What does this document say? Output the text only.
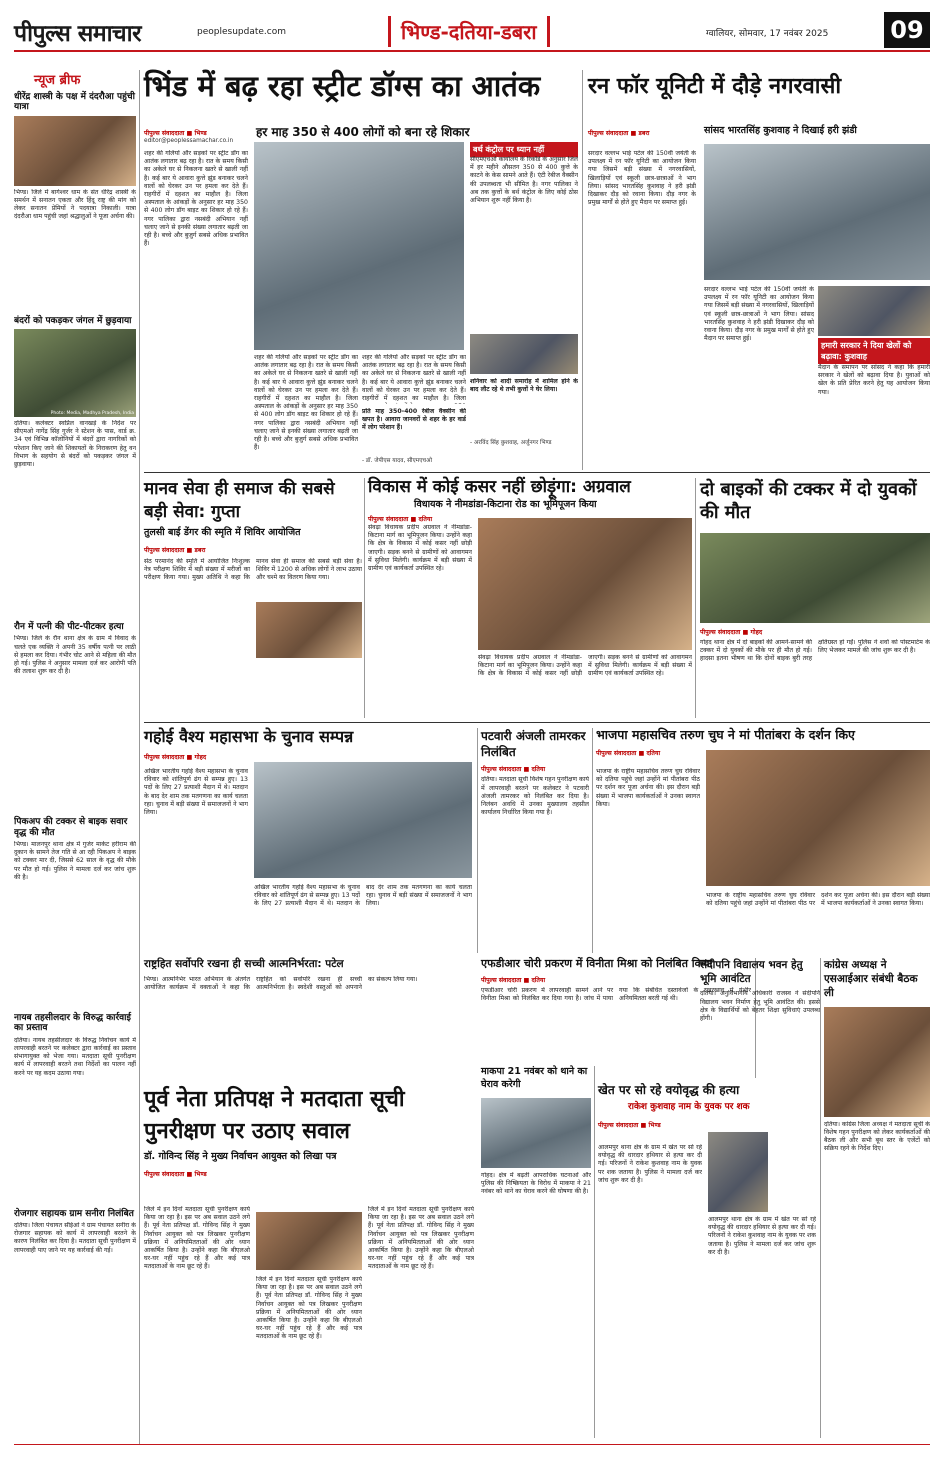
पीपुल्स समाचार	peoplesupdate.com	भिण्ड-दतिया-डबरा	ग्वालियर, सोमवार, 17 नवंबर 2025	09
न्यूज ब्रीफ
धीरेंद्र शास्त्री के पक्ष में दंदरौआ पहुंची यात्रा
भिण्ड। जिले में बागेश्वर धाम के संत धीरेंद्र शास्त्री के समर्थन में सनातन एकता और हिंदू राष्ट्र की मांग को लेकर सनातन प्रेमियों ने पदयात्रा निकाली। यात्रा दंदरौआ धाम पहुंची जहां श्रद्धालुओं ने पूजा अर्चना की।
बंदरों को पकड़कर जंगल में छुड़वाया
Photo: Media, Madhya Pradesh, India
दतिया। कलेक्टर स्वप्निल वानखड़े के निर्देश पर सीएमओ नागेंद्र सिंह गुर्जर ने स्टेशन के पास, वार्ड क्र. 34 एवं विभिन्न कॉलोनियों में बंदरों द्वारा नागरिकों को परेशान किए जाने की शिकायतों के निराकरण हेतु वन विभाग के सहयोग से बंदरों को पकड़कर जंगल में छुड़वाया।
रौन में पत्नी की पीट-पीटकर हत्या
भिण्ड। जिले के रौन थाना क्षेत्र के ग्राम में विवाद के चलते एक व्यक्ति ने अपनी 35 वर्षीय पत्नी पर लाठी से हमला कर दिया। गंभीर चोट आने से महिला की मौत हो गई। पुलिस ने अनुसार मामला दर्ज कर आरोपी पति की तलाश शुरू कर दी है।
पिकअप की टक्कर से बाइक सवार वृद्ध की मौत
भिण्ड। मालनपुर थाना क्षेत्र में गुर्जर मार्केट हरीराम की दुकान के सामने तेज गति से आ रही पिकअप ने बाइक को टक्कर मार दी, जिससे 62 साल के वृद्ध की मौके पर मौत हो गई। पुलिस ने मामला दर्ज कर जांच शुरू की है।
नायब तहसीलदार के विरुद्ध कार्रवाई का प्रस्ताव
दतिया। नायब तहसीलदार के विरुद्ध निर्वाचन कार्य में लापरवाही बरतने पर कलेक्टर द्वारा कार्रवाई का प्रस्ताव संभागायुक्त को भेजा गया। मतदाता सूची पुनरीक्षण कार्य में लापरवाही बरतने तथा निर्देशों का पालन नहीं करने पर यह कदम उठाया गया।
रोजगार सहायक ग्राम सनीरा निलंबित
दतिया। जिला पंचायत सीईओ ने ग्राम पंचायत सनीरा के रोजगार सहायक को कार्य में लापरवाही बरतने के कारण निलंबित कर दिया है। मतदाता सूची पुनरीक्षण में लापरवाही पाए जाने पर यह कार्रवाई की गई।
भिंड में बढ़ रहा स्ट्रीट डॉग्स का आतंक
पीपुल्स संवाददाता ■ भिण्ड
editor@peoplessamachar.co.in
हर माह 350 से 400 लोगों को बना रहे शिकार
शहर की गलियों और सड़कों पर स्ट्रीट डॉग का आतंक लगातार बढ़ रहा है। रात के समय किसी का अकेले घर से निकलना खतरे से खाली नहीं है। कई बार ये आवारा कुत्ते झुंड बनाकर चलने वालों को घेरकर उन पर हमला कर देते हैं। राहगीरों में दहशत का माहौल है। जिला अस्पताल के आंकड़ों के अनुसार हर माह 350 से 400 लोग डॉग बाइट का शिकार हो रहे हैं। नगर पालिका द्वारा नसबंदी अभियान नहीं चलाए जाने से इनकी संख्या लगातार बढ़ती जा रही है। बच्चे और बुजुर्ग सबसे अधिक प्रभावित हैं।
बर्थ कंट्रोल पर ध्यान नहीं
सीएमएचओ कार्यालय के रिकॉर्ड के अनुसार जिले में हर महीने औसतन 350 से 400 कुत्ते के काटने के केस सामने आते हैं। एंटी रेबीज वैक्सीन की उपलब्धता भी सीमित है। नगर पालिका ने अब तक कुत्तों के बर्थ कंट्रोल के लिए कोई ठोस अभियान शुरू नहीं किया है।
शहर की गलियों और सड़कों पर स्ट्रीट डॉग का आतंक लगातार बढ़ रहा है। रात के समय किसी का अकेले घर से निकलना खतरे से खाली नहीं है। कई बार ये आवारा कुत्ते झुंड बनाकर चलने वालों को घेरकर उन पर हमला कर देते हैं। राहगीरों में दहशत का माहौल है। जिला अस्पताल के आंकड़ों के अनुसार हर माह 350 से 400 लोग डॉग बाइट का शिकार हो रहे हैं। नगर पालिका द्वारा नसबंदी अभियान नहीं चलाए जाने से इनकी संख्या लगातार बढ़ती जा रही है। बच्चे और बुजुर्ग सबसे अधिक प्रभावित हैं।
शहर की गलियों और सड़कों पर स्ट्रीट डॉग का आतंक लगातार बढ़ रहा है। रात के समय किसी का अकेले घर से निकलना खतरे से खाली नहीं है। कई बार ये आवारा कुत्ते झुंड बनाकर चलने वालों को घेरकर उन पर हमला कर देते हैं। राहगीरों में दहशत का माहौल है। जिला
प्रति माह 350-400 रेबीज वैक्सीन की खपत है। आवारा जानवरों से शहर के हर वार्ड में लोग परेशान हैं।
शनिवार को शादी समारोह में शामिल होने के बाद लौट रहे थे तभी कुत्तों ने घेर लिया।
- अरविंद सिंह कुशवाह, अर्जुनगर भिण्ड
- डॉ. जेपीएस यादव, सीएमएचओ
रन फॉर यूनिटी में दौड़े नगरवासी
पीपुल्स संवाददाता ■ डबरा	सांसद भारतसिंह कुशवाह ने दिखाई हरी झंडी
सरदार वल्लभ भाई पटेल की 150वीं जयंती के उपलक्ष्य में रन फॉर यूनिटी का आयोजन किया गया जिसमें बड़ी संख्या में नगरवासियों, खिलाड़ियों एवं स्कूली छात्र-छात्राओं ने भाग लिया। सांसद भारतसिंह कुशवाह ने हरी झंडी दिखाकर दौड़ को रवाना किया। दौड़ नगर के प्रमुख मार्गों से होते हुए मैदान पर समाप्त हुई।
सरदार वल्लभ भाई पटेल की 150वीं जयंती के उपलक्ष्य में रन फॉर यूनिटी का आयोजन किया गया जिसमें बड़ी संख्या में नगरवासियों, खिलाड़ियों एवं स्कूली छात्र-छात्राओं ने भाग लिया। सांसद भारतसिंह कुशवाह ने हरी झंडी दिखाकर दौड़ को रवाना किया। दौड़ नगर के प्रमुख मार्गों से होते हुए मैदान पर समाप्त हुई।
हमारी सरकार ने दिया खेलों को बढ़ावा: कुशवाह
मैदान के समापन पर सांसद ने कहा कि हमारी सरकार ने खेलों को बढ़ावा दिया है। युवाओं को खेल के प्रति प्रेरित करने हेतु यह आयोजन किया गया।
मानव सेवा ही समाज की सबसे बड़ी सेवा: गुप्ता
तुलसी बाई डेंगर की स्मृति में शिविर आयोजित
पीपुल्स संवाददाता ■ डबरा
सेठ परमानंद की स्मृति में आयोजित निःशुल्क नेत्र परीक्षण शिविर में बड़ी संख्या में मरीजों का परीक्षण किया गया। मुख्य अतिथि ने कहा कि मानव सेवा ही समाज की सबसे बड़ी सेवा है। शिविर में 1200 से अधिक लोगों ने लाभ उठाया और चश्मे का वितरण किया गया।
विकास में कोई कसर नहीं छोड़ूंगा: अग्रवाल
विधायक ने नीमडांडा-किटाना रोड का भूमिपूजन किया
पीपुल्स संवाददाता ■ दतिया
सेवढ़ा विधायक प्रदीप अग्रवाल ने नीमडांडा-किटाना मार्ग का भूमिपूजन किया। उन्होंने कहा कि क्षेत्र के विकास में कोई कसर नहीं छोड़ी जाएगी। सड़क बनने से ग्रामीणों को आवागमन में सुविधा मिलेगी। कार्यक्रम में बड़ी संख्या में ग्रामीण एवं कार्यकर्ता उपस्थित रहे।
सेवढ़ा विधायक प्रदीप अग्रवाल ने नीमडांडा-किटाना मार्ग का भूमिपूजन किया। उन्होंने कहा कि क्षेत्र के विकास में कोई कसर नहीं छोड़ी जाएगी। सड़क बनने से ग्रामीणों को आवागमन में सुविधा मिलेगी। कार्यक्रम में बड़ी संख्या में ग्रामीण एवं कार्यकर्ता उपस्थित रहे।
दो बाइकों की टक्कर में दो युवकों की मौत
पीपुल्स संवाददाता ■ गोहद
गोहद थाना क्षेत्र में दो बाइकों की आमने-सामने की टक्कर में दो युवकों की मौके पर ही मौत हो गई। हादसा इतना भीषण था कि दोनों बाइक बुरी तरह क्षतिग्रस्त हो गईं। पुलिस ने शवों को पोस्टमार्टम के लिए भेजकर मामले की जांच शुरू कर दी है।
गहोई वैश्य महासभा के चुनाव सम्पन्न
पीपुल्स संवाददाता ■ गोहद
अखिल भारतीय गहोई वैश्य महासभा के चुनाव रविवार को शांतिपूर्ण ढंग से सम्पन्न हुए। 13 पदों के लिए 27 प्रत्याशी मैदान में थे। मतदान के बाद देर शाम तक मतगणना का कार्य चलता रहा। चुनाव में बड़ी संख्या में समाजजनों ने भाग लिया।
अखिल भारतीय गहोई वैश्य महासभा के चुनाव रविवार को शांतिपूर्ण ढंग से सम्पन्न हुए। 13 पदों के लिए 27 प्रत्याशी मैदान में थे। मतदान के बाद देर शाम तक मतगणना का कार्य चलता रहा। चुनाव में बड़ी संख्या में समाजजनों ने भाग लिया।
पटवारी अंजली तामरकर निलंबित
पीपुल्स संवाददाता ■ दतिया
दतिया। मतदाता सूची विशेष गहन पुनरीक्षण कार्य में लापरवाही बरतने पर कलेक्टर ने पटवारी अंजली तामरकर को निलंबित कर दिया है। निलंबन अवधि में उनका मुख्यालय तहसील कार्यालय निर्धारित किया गया है।
भाजपा महासचिव तरुण चुघ ने मां पीतांबरा के दर्शन किए
पीपुल्स संवाददाता ■ दतिया
भाजपा के राष्ट्रीय महासचिव तरुण चुघ रविवार को दतिया पहुंचे जहां उन्होंने मां पीतांबरा पीठ पर दर्शन कर पूजा अर्चना की। इस दौरान बड़ी संख्या में भाजपा कार्यकर्ताओं ने उनका स्वागत किया।
भाजपा के राष्ट्रीय महासचिव तरुण चुघ रविवार को दतिया पहुंचे जहां उन्होंने मां पीतांबरा पीठ पर दर्शन कर पूजा अर्चना की। इस दौरान बड़ी संख्या में भाजपा कार्यकर्ताओं ने उनका स्वागत किया।
राष्ट्रहित सर्वोपरि रखना ही सच्ची आत्मनिर्भरता: पटेल
भिण्ड। आत्मनिर्भर भारत अभियान के अंतर्गत आयोजित कार्यक्रम में वक्ताओं ने कहा कि राष्ट्रहित को सर्वोपरि रखना ही सच्ची आत्मनिर्भरता है। स्वदेशी वस्तुओं को अपनाने का संकल्प लिया गया।
एफडीआर चोरी प्रकरण में विनीता मिश्रा को निलंबित किया
पीपुल्स संवाददाता ■ दतिया
एफडीआर चोरी प्रकरण में लापरवाही सामने आने पर विनीता मिश्रा को निलंबित कर दिया गया है। जांच में पाया गया कि संबंधित दस्तावेजों के रखरखाव में गंभीर अनियमितता बरती गई थी।
संदीपनि विद्यालय भवन हेतु भूमि आवंटित
दतिया। अनुविभागीय अधिकारी राजस्व ने संदीपनि विद्यालय भवन निर्माण हेतु भूमि आवंटित की। इससे क्षेत्र के विद्यार्थियों को बेहतर शिक्षा सुविधाएं उपलब्ध होंगी।
कांग्रेस अध्यक्ष ने एसआईआर संबंधी बैठक ली
दतिया। कांग्रेस जिला अध्यक्ष ने मतदाता सूची के विशेष गहन पुनरीक्षण को लेकर कार्यकर्ताओं की बैठक ली और सभी बूथ स्तर के एजेंटों को सक्रिय रहने के निर्देश दिए।
माकपा 21 नवंबर को थाने का घेराव करेगी
गोहद। क्षेत्र में बढ़ती आपराधिक घटनाओं और पुलिस की निष्क्रियता के विरोध में माकपा ने 21 नवंबर को थाने का घेराव करने की घोषणा की है।
खेत पर सो रहे वयोवृद्ध की हत्या
राकेश कुशवाह नाम के युवक पर शक
पीपुल्स संवाददाता ■ भिण्ड
आलमपुर थाना क्षेत्र के ग्राम में खेत पर सो रहे वयोवृद्ध की धारदार हथियार से हत्या कर दी गई। परिजनों ने राकेश कुशवाह नाम के युवक पर शक जताया है। पुलिस ने मामला दर्ज कर जांच शुरू कर दी है।
आलमपुर थाना क्षेत्र के ग्राम में खेत पर सो रहे वयोवृद्ध की धारदार हथियार से हत्या कर दी गई। परिजनों ने राकेश कुशवाह नाम के युवक पर शक जताया है। पुलिस ने मामला दर्ज कर जांच शुरू कर दी है।
पूर्व नेता प्रतिपक्ष ने मतदाता सूची पुनरीक्षण पर उठाए सवाल
डॉ. गोविन्द सिंह ने मुख्य निर्वाचन आयुक्त को लिखा पत्र
पीपुल्स संवाददाता ■ भिण्ड
जिले में इन दिनों मतदाता सूची पुनरीक्षण कार्य किया जा रहा है। इस पर अब सवाल उठने लगे हैं। पूर्व नेता प्रतिपक्ष डॉ. गोविन्द सिंह ने मुख्य निर्वाचन आयुक्त को पत्र लिखकर पुनरीक्षण प्रक्रिया में अनियमितताओं की ओर ध्यान आकर्षित किया है। उन्होंने कहा कि बीएलओ घर-घर नहीं पहुंच रहे हैं और कई पात्र मतदाताओं के नाम छूट रहे हैं।
जिले में इन दिनों मतदाता सूची पुनरीक्षण कार्य किया जा रहा है। इस पर अब सवाल उठने लगे हैं। पूर्व नेता प्रतिपक्ष डॉ. गोविन्द सिंह ने मुख्य निर्वाचन आयुक्त को पत्र लिखकर पुनरीक्षण प्रक्रिया में अनियमितताओं की ओर ध्यान आकर्षित किया है। उन्होंने कहा कि बीएलओ घर-घर नहीं पहुंच रहे हैं और कई पात्र मतदाताओं के नाम छूट रहे हैं।
जिले में इन दिनों मतदाता सूची पुनरीक्षण कार्य किया जा रहा है। इस पर अब सवाल उठने लगे हैं। पूर्व नेता प्रतिपक्ष डॉ. गोविन्द सिंह ने मुख्य निर्वाचन आयुक्त को पत्र लिखकर पुनरीक्षण प्रक्रिया में अनियमितताओं की ओर ध्यान आकर्षित किया है। उन्होंने कहा कि बीएलओ घर-घर नहीं पहुंच रहे हैं और कई पात्र मतदाताओं के नाम छूट रहे हैं।
